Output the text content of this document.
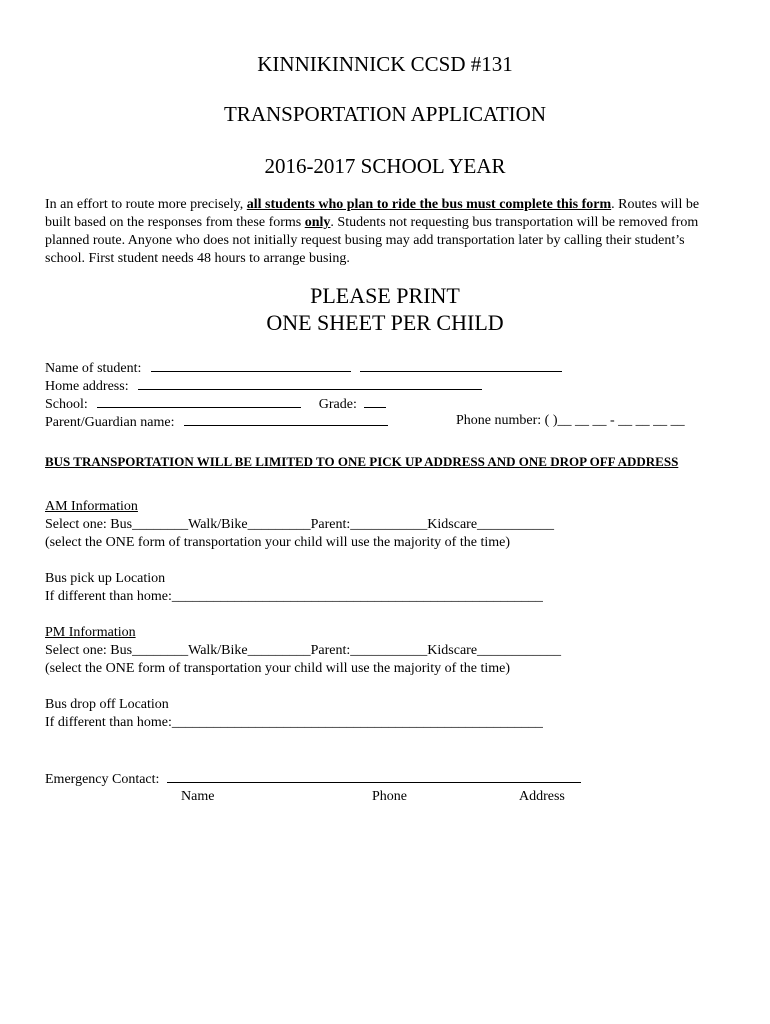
KINNIKINNICK CCSD #131
TRANSPORTATION APPLICATION
2016-2017 SCHOOL YEAR
In an effort to route more precisely, all students who plan to ride the bus must complete this form. Routes will be built based on the responses from these forms only. Students not requesting bus transportation will be removed from planned route. Anyone who does not initially request busing may add transportation later by calling their student’s school. First student needs 48 hours to arrange busing.
PLEASE PRINT
ONE SHEET PER CHILD
Name of student:
Home address:
School:	Grade:
Parent/Guardian name:	Phone number: ( )__ __ __ - __ __ __ __
BUS TRANSPORTATION WILL BE LIMITED TO ONE PICK UP ADDRESS AND ONE DROP OFF ADDRESS
AM Information
Select one: Bus________Walk/Bike_________Parent:___________Kidscare___________
(select the ONE form of transportation your child will use the majority of the time)
Bus pick up Location
If different than home:_____________________________________________________
PM Information
Select one: Bus________Walk/Bike_________Parent:___________Kidscare____________
(select the ONE form of transportation your child will use the majority of the time)
Bus drop off Location
If different than home:_____________________________________________________
Emergency Contact:
Name	Phone	Address
